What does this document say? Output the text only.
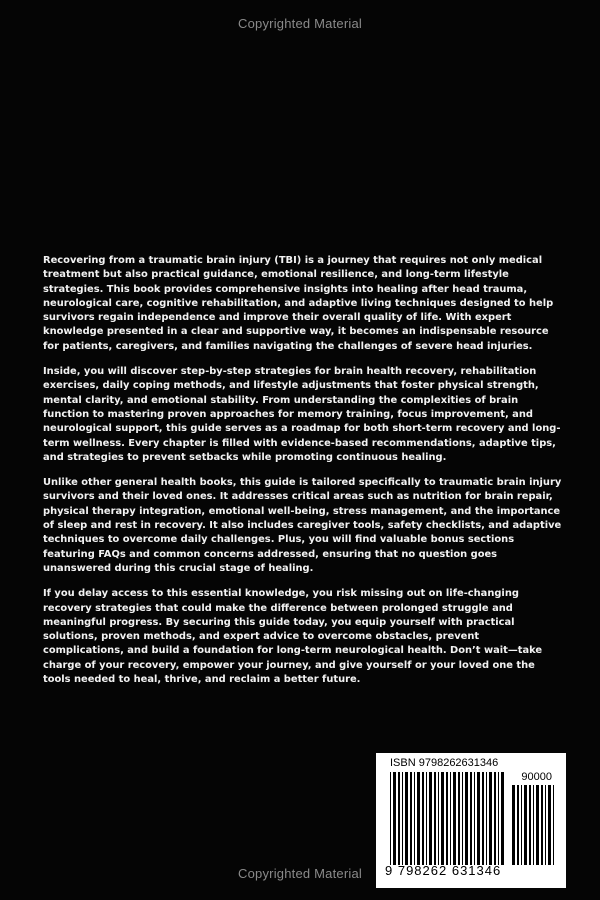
Copyrighted Material

Recovering from a traumatic brain injury (TBI) is a journey that requires not only medical treatment but also practical guidance, emotional resilience, and long-term lifestyle strategies. This book provides comprehensive insights into healing after head trauma, neurological care, cognitive rehabilitation, and adaptive living techniques designed to help survivors regain independence and improve their overall quality of life. With expert knowledge presented in a clear and supportive way, it becomes an indispensable resource for patients, caregivers, and families navigating the challenges of severe head injuries.

Inside, you will discover step-by-step strategies for brain health recovery, rehabilitation exercises, daily coping methods, and lifestyle adjustments that foster physical strength, mental clarity, and emotional stability. From understanding the complexities of brain function to mastering proven approaches for memory training, focus improvement, and neurological support, this guide serves as a roadmap for both short-term recovery and long-term wellness. Every chapter is filled with evidence-based recommendations, adaptive tips, and strategies to prevent setbacks while promoting continuous healing.

Unlike other general health books, this guide is tailored specifically to traumatic brain injury survivors and their loved ones. It addresses critical areas such as nutrition for brain repair, physical therapy integration, emotional well-being, stress management, and the importance of sleep and rest in recovery. It also includes caregiver tools, safety checklists, and adaptive techniques to overcome daily challenges. Plus, you will find valuable bonus sections featuring FAQs and common concerns addressed, ensuring that no question goes unanswered during this crucial stage of healing.

If you delay access to this essential knowledge, you risk missing out on life-changing recovery strategies that could make the difference between prolonged struggle and meaningful progress. By securing this guide today, you equip yourself with practical solutions, proven methods, and expert advice to overcome obstacles, prevent complications, and build a foundation for long-term neurological health. Don’t wait—take charge of your recovery, empower your journey, and give yourself or your loved one the tools needed to heal, thrive, and reclaim a better future.

ISBN 9798262631346
90000
9 798262 631346
Copyrighted Material
